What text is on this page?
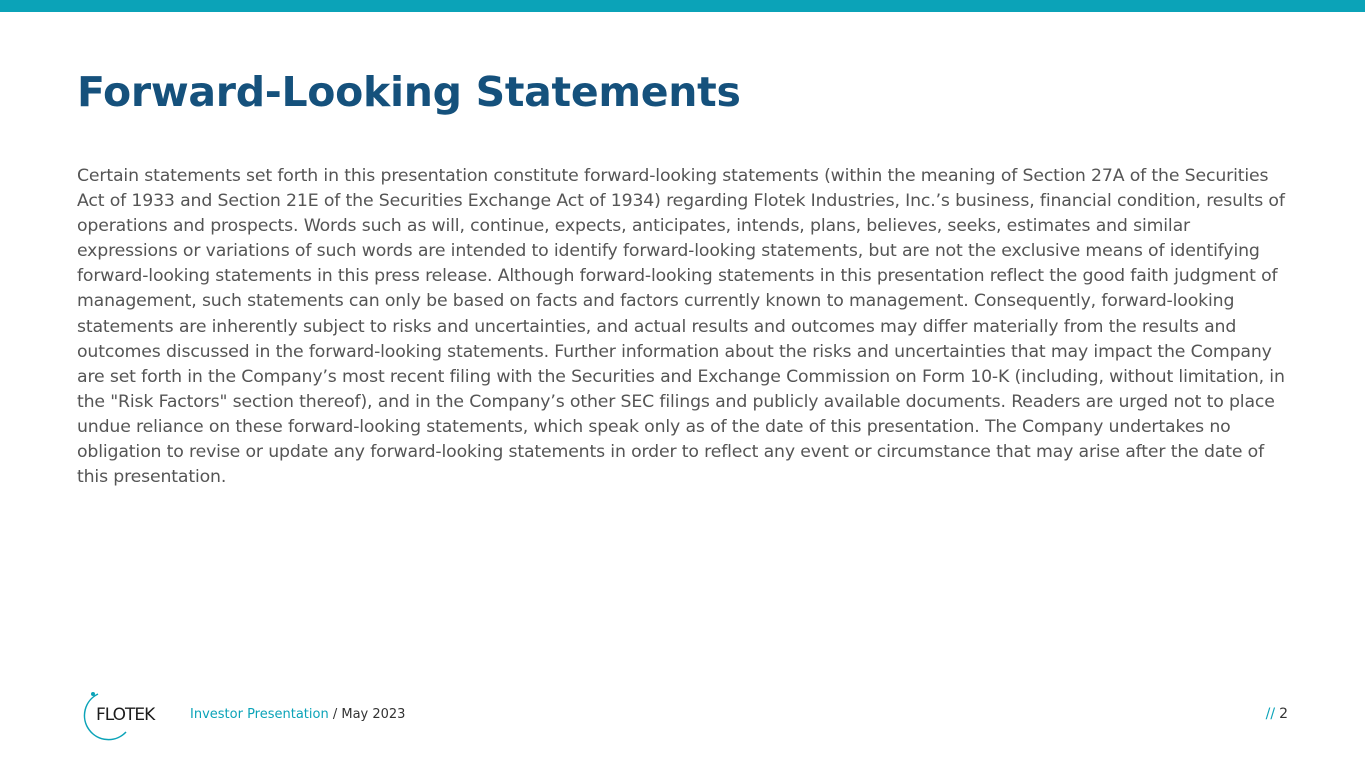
Forward-Looking Statements

Certain statements set forth in this presentation constitute forward-looking statements (within the meaning of Section 27A of the Securities Act of 1933 and Section 21E of the Securities Exchange Act of 1934) regarding Flotek Industries, Inc.’s business, financial condition, results of operations and prospects. Words such as will, continue, expects, anticipates, intends, plans, believes, seeks, estimates and similar expressions or variations of such words are intended to identify forward-looking statements, but are not the exclusive means of identifying forward-looking statements in this press release. Although forward-looking statements in this presentation reflect the good faith judgment of management, such statements can only be based on facts and factors currently known to management. Consequently, forward-looking statements are inherently subject to risks and uncertainties, and actual results and outcomes may differ materially from the results and outcomes discussed in the forward-looking statements. Further information about the risks and uncertainties that may impact the Company are set forth in the Company’s most recent filing with the Securities and Exchange Commission on Form 10-K (including, without limitation, in the "Risk Factors" section thereof), and in the Company’s other SEC filings and publicly available documents. Readers are urged not to place undue reliance on these forward-looking statements, which speak only as of the date of this presentation. The Company undertakes no obligation to revise or update any forward-looking statements in order to reflect any event or circumstance that may arise after the date of this presentation.

FLOTEK	Investor Presentation / May 2023	// 2
